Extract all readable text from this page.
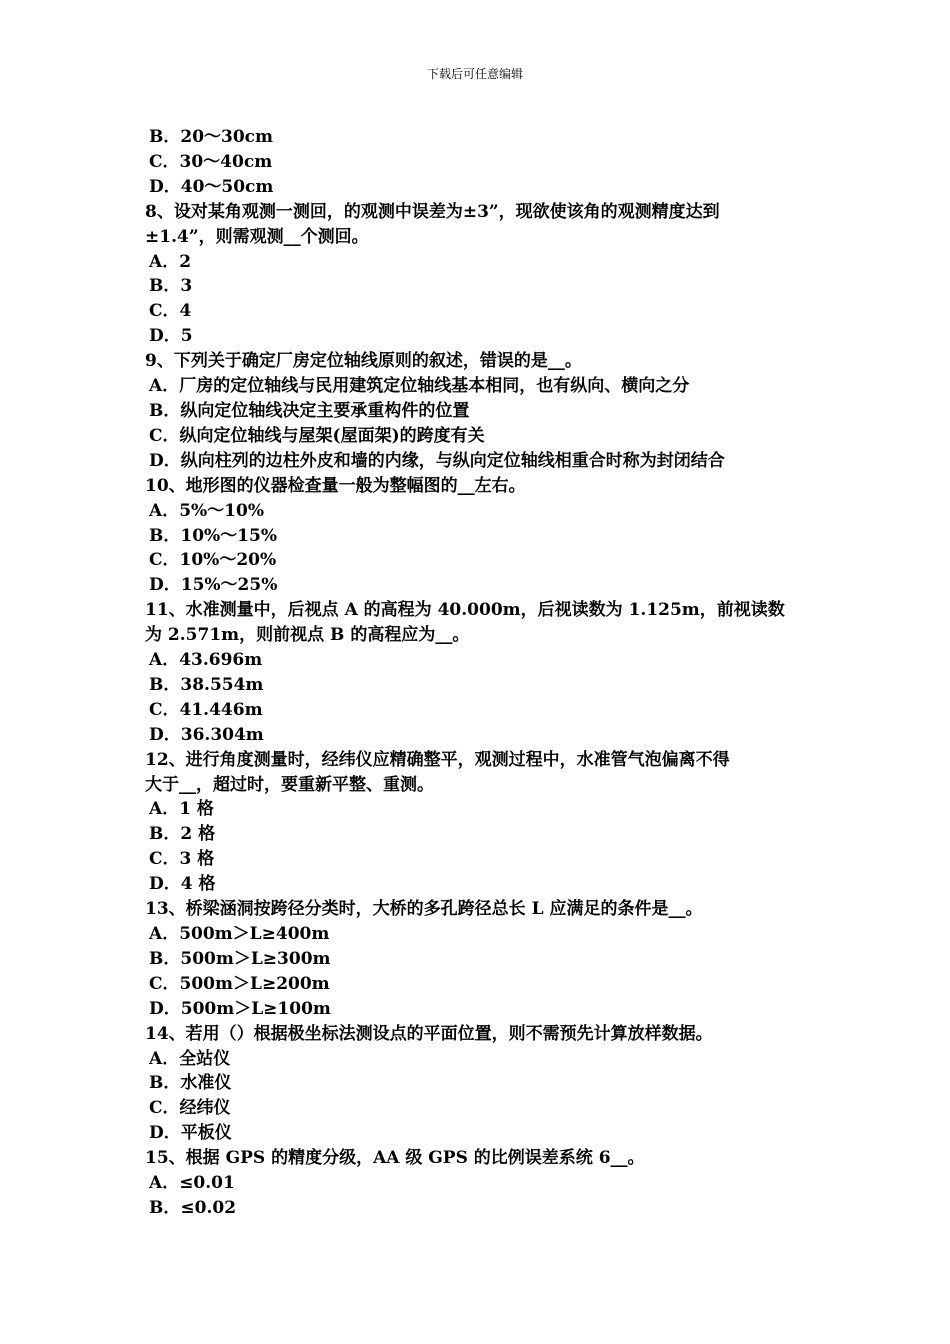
下载后可任意编辑
B．20～30cm
C．30～40cm
D．40～50cm
8、设对某角观测一测回，的观测中误差为±3”，现欲使该角的观测精度达到
±1.4”，则需观测__个测回。
A．2
B．3
C．4
D．5
9、下列关于确定厂房定位轴线原则的叙述，错误的是__。
A．厂房的定位轴线与民用建筑定位轴线基本相同，也有纵向、横向之分
B．纵向定位轴线决定主要承重构件的位置
C．纵向定位轴线与屋架(屋面架)的跨度有关
D．纵向柱列的边柱外皮和墙的内缘，与纵向定位轴线相重合时称为封闭结合
10、地形图的仪器检查量一般为整幅图的__左右。
A．5%～10%
B．10%～15%
C．10%～20%
D．15%～25%
11、水准测量中，后视点 A 的高程为 40.000m，后视读数为 1.125m，前视读数
为 2.571m，则前视点 B 的高程应为__。
A．43.696m
B．38.554m
C．41.446m
D．36.304m
12、进行角度测量时，经纬仪应精确整平，观测过程中，水准管气泡偏离不得
大于__，超过时，要重新平整、重测。
A．1 格
B．2 格
C．3 格
D．4 格
13、桥梁涵洞按跨径分类时，大桥的多孔跨径总长 L 应满足的条件是__。
A．500m＞L≥400m
B．500m＞L≥300m
C．500m＞L≥200m
D．500m＞L≥100m
14、若用（）根据极坐标法测设点的平面位置，则不需预先计算放样数据。
A．全站仪
B．水准仪
C．经纬仪
D．平板仪
15、根据 GPS 的精度分级，AA 级 GPS 的比例误差系统 6__。
A．≤0.01
B．≤0.02
